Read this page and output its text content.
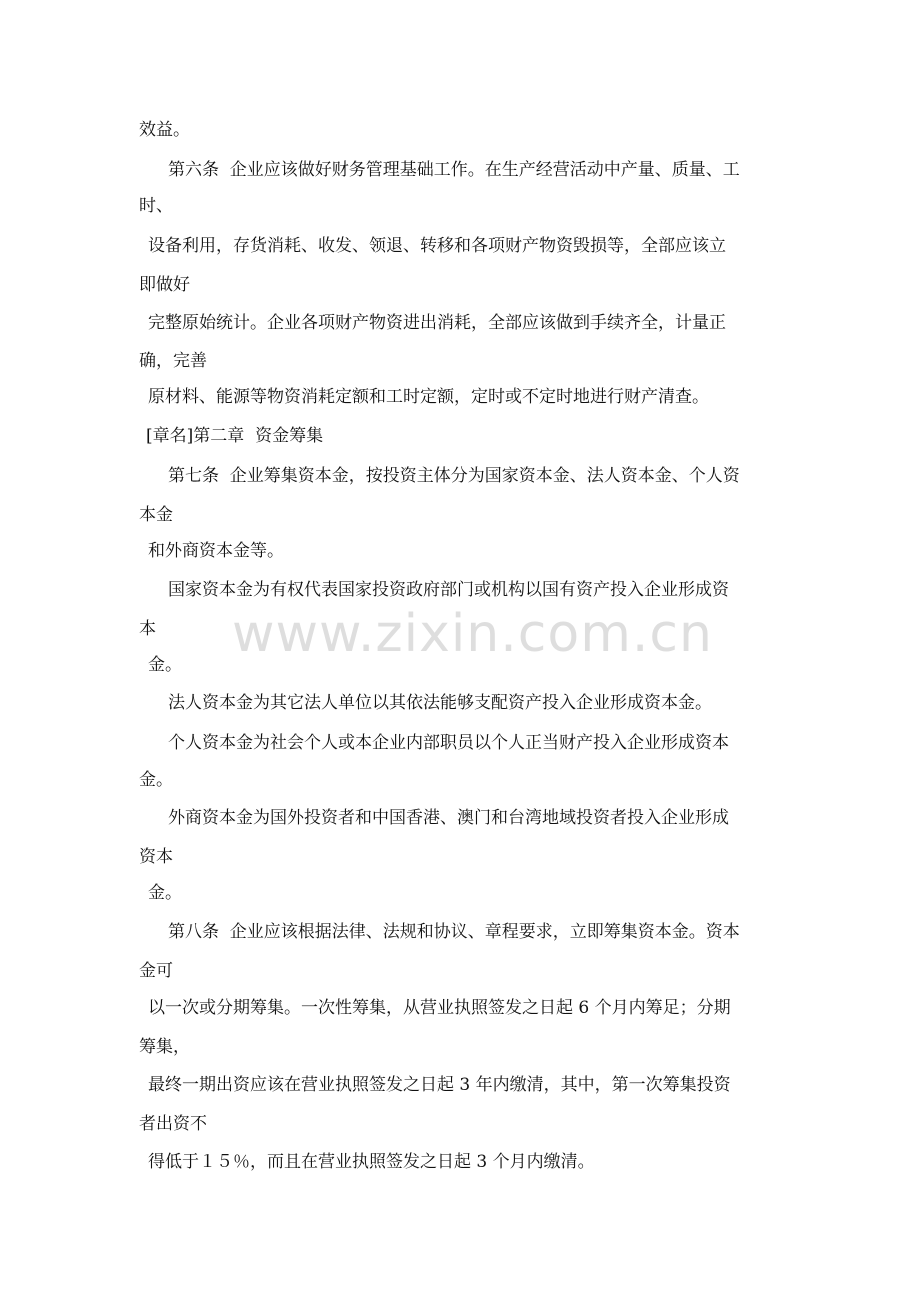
效益。

第六条  企业应该做好财务管理基础工作。在生产经营活动中产量、质量、工

时、

设备利用，存货消耗、收发、领退、转移和各项财产物资毁损等，全部应该立

即做好

完整原始统计。企业各项财产物资进出消耗，全部应该做到手续齐全，计量正

确，完善

原材料、能源等物资消耗定额和工时定额，定时或不定时地进行财产清查。

[章名]第二章  资金筹集

第七条  企业筹集资本金，按投资主体分为国家资本金、法人资本金、个人资

本金

和外商资本金等。

国家资本金为有权代表国家投资政府部门或机构以国有资产投入企业形成资

本

金。

法人资本金为其它法人单位以其依法能够支配资产投入企业形成资本金。

个人资本金为社会个人或本企业内部职员以个人正当财产投入企业形成资本

金。

外商资本金为国外投资者和中国香港、澳门和台湾地域投资者投入企业形成

资本

金。

第八条  企业应该根据法律、法规和协议、章程要求，立即筹集资本金。资本

金可

以一次或分期筹集。一次性筹集，从营业执照签发之日起 6 个月内筹足；分期

筹集，

最终一期出资应该在营业执照签发之日起 3 年内缴清，其中，第一次筹集投资

者出资不

得低于１５％，而且在营业执照签发之日起 3 个月内缴清。

www.zixin.com.cn
